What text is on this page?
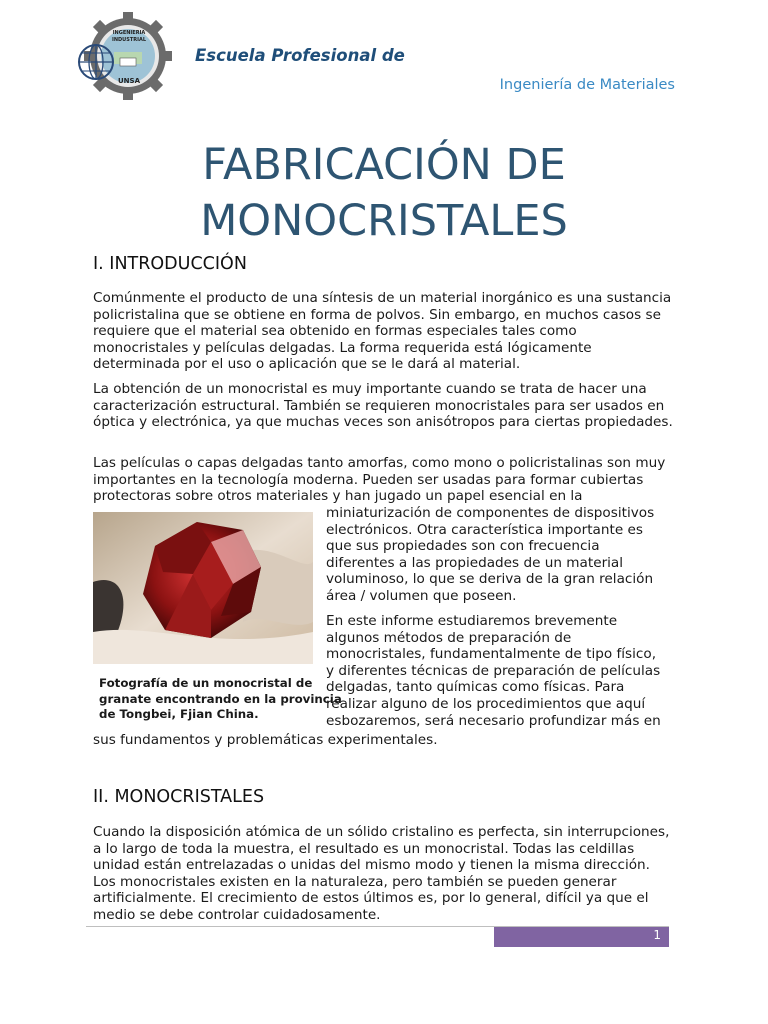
INGENIERIA
INDUSTRIAL
UNSA
Escuela Profesional de
Ingeniería de Materiales
FABRICACIÓN DE
MONOCRISTALES
I. INTRODUCCIÓN

Comúnmente el producto de una síntesis de un material inorgánico es una sustancia policristalina que se obtiene en forma de polvos. Sin embargo, en muchos casos se requiere que el material sea obtenido en formas especiales tales como monocristales y películas delgadas. La forma requerida está lógicamente determinada por el uso o aplicación que se le dará al material.

La obtención de un monocristal es muy importante cuando se trata de hacer una caracterización estructural. También se requieren monocristales para ser usados en óptica y electrónica, ya que muchas veces son anisótropos para ciertas propiedades.

Las películas o capas delgadas tanto amorfas, como mono o policristalinas son muy importantes en la tecnología moderna. Pueden ser usadas para formar cubiertas protectoras sobre otros materiales y han jugado un papel esencial en la

Fotografía de un monocristal de
granate encontrando en la provincia
de Tongbei, Fjian China.
miniaturización de componentes de dispositivos
electrónicos. Otra característica importante es
que sus propiedades son con frecuencia
diferentes a las propiedades de un material
voluminoso, lo que se deriva de la gran relación
área / volumen que poseen.
En este informe estudiaremos brevemente
algunos métodos de preparación de
monocristales, fundamentalmente de tipo físico,
y diferentes técnicas de preparación de películas
delgadas, tanto químicas como físicas. Para
realizar alguno de los procedimientos que aquí
esbozaremos, será necesario profundizar más en

sus fundamentos y problemáticas experimentales.

II. MONOCRISTALES

Cuando la disposición atómica de un sólido cristalino es perfecta, sin interrupciones, a lo largo de toda la muestra, el resultado es un monocristal. Todas las celdillas unidad están entrelazadas o unidas del mismo modo y tienen la misma dirección. Los monocristales existen en la naturaleza, pero también se pueden generar artificialmente. El crecimiento de estos últimos es, por lo general, difícil ya que el medio se debe controlar cuidadosamente.

1
